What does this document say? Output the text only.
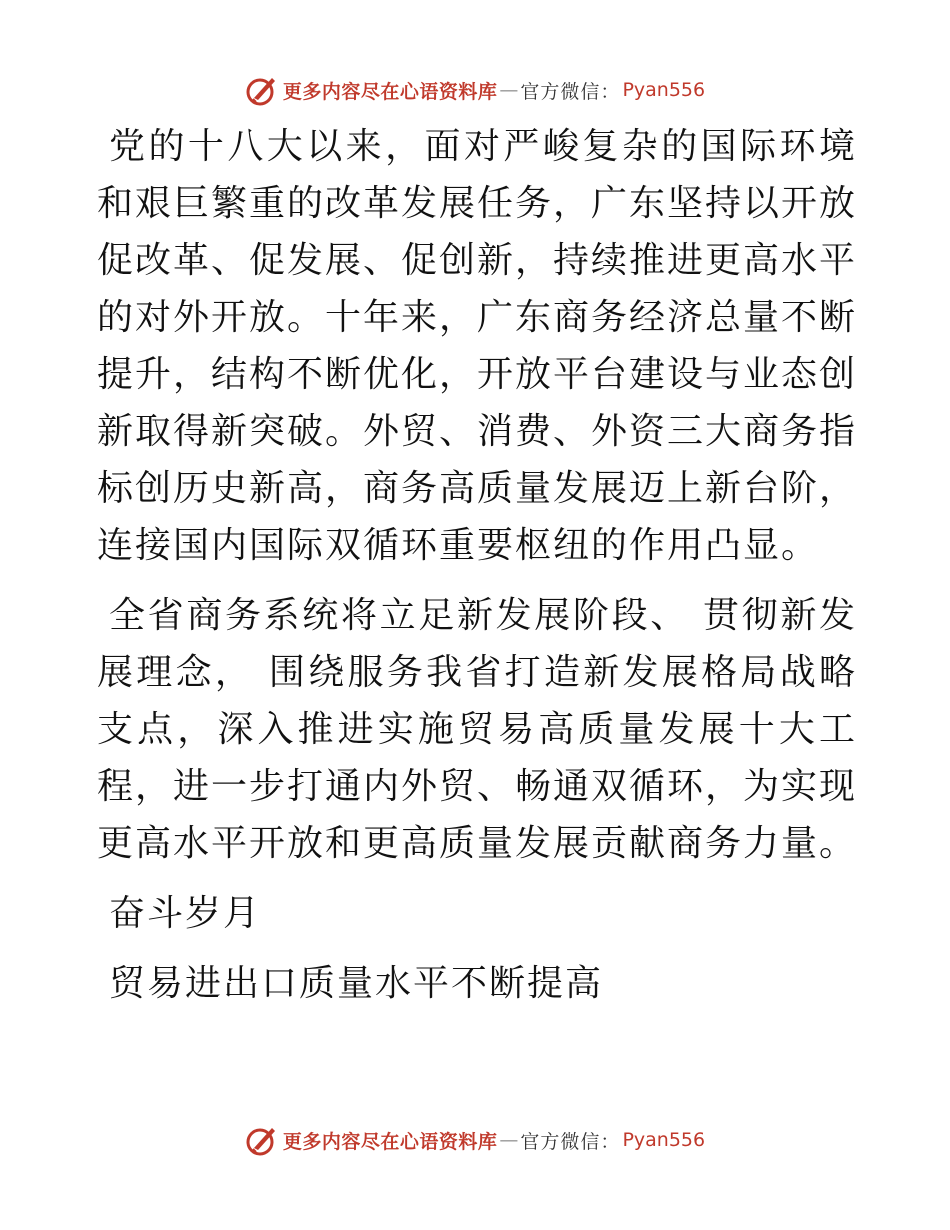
更多内容尽在心语资料库 — 官方微信： Pyan556

党的十八大以来，面对严峻复杂的国际环境和艰巨繁重的改革发展任务，广东坚持以开放促改革、促发展、促创新，持续推进更高水平的对外开放。十年来，广东商务经济总量不断提升，结构不断优化，开放平台建设与业态创新取得新突破。外贸、消费、外资三大商务指标创历史新高，商务高质量发展迈上新台阶，连接国内国际双循环重要枢纽的作用凸显。

全省商务系统将立足新发展阶段、 贯彻新发展理念， 围绕服务我省打造新发展格局战略支点，深入推进实施贸易高质量发展十大工程，进一步打通内外贸、畅通双循环，为实现更高水平开放和更高质量发展贡献商务力量。

奋斗岁月

贸易进出口质量水平不断提高

更多内容尽在心语资料库 — 官方微信： Pyan556
